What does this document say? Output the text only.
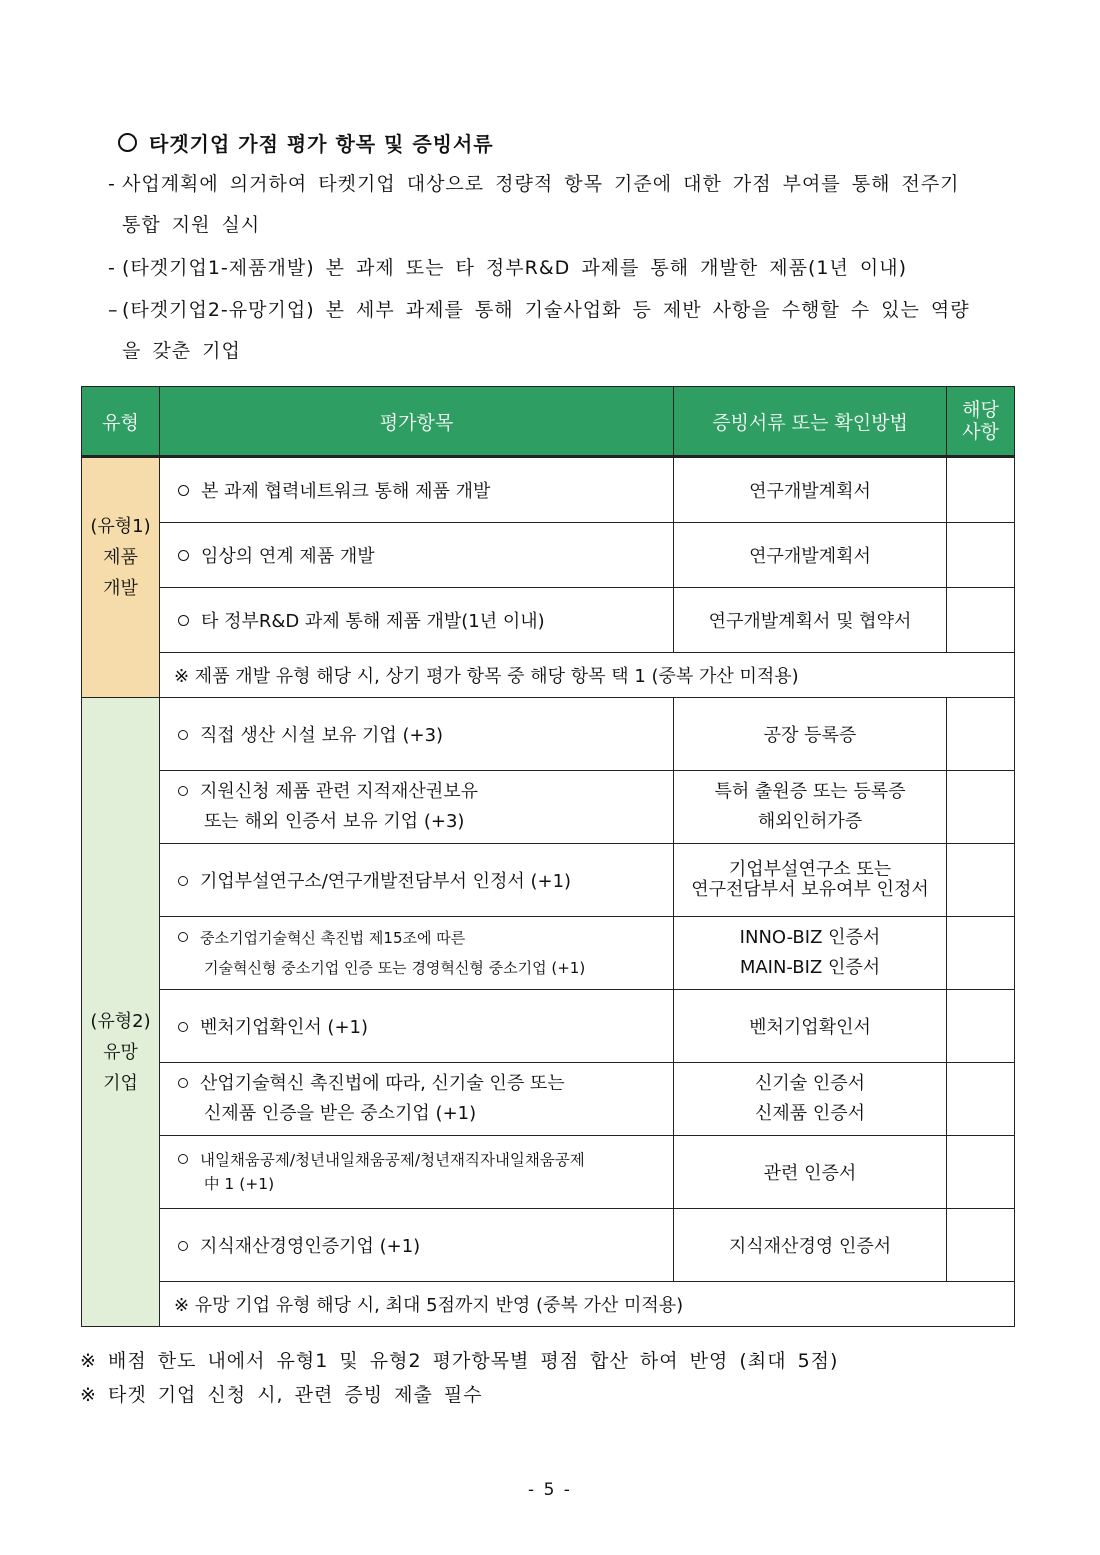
타겟기업 가점 평가 항목 및 증빙서류
- 사업계획에 의거하여 타켓기업 대상으로 정량적 항목 기준에 대한 가점 부여를 통해 전주기
통합 지원 실시
- (타겟기업1-제품개발) 본 과제 또는 타 정부R&D 과제를 통해 개발한 제품(1년 이내)
– (타겟기업2-유망기업) 본 세부 과제를 통해 기술사업화 등 제반 사항을 수행할 수 있는 역량
을 갖춘 기업
유형	평가항목	증빙서류 또는 확인방법	해당
사항
(유형1)
제품
개발	본 과제 협력네트워크 통해 제품 개발	연구개발계획서	
	임상의 연계 제품 개발	연구개발계획서	
	타 정부R&D 과제 통해 제품 개발(1년 이내)	연구개발계획서 및 협약서	
	※ 제품 개발 유형 해당 시, 상기 평가 항목 중 해당 항목 택 1 (중복 가산 미적용)		
(유형2)
유망
기업	직접 생산 시설 보유 기업 (+3)	공장 등록증	
	지원신청 제품 관련 지적재산권보유
또는 해외 인증서 보유 기업 (+3)	특허 출원증 또는 등록증
해외인허가증	
	기업부설연구소/연구개발전담부서 인정서 (+1)	기업부설연구소 또는
연구전담부서 보유여부 인정서	
	중소기업기술혁신 촉진법 제15조에 따른
기술혁신형 중소기업 인증 또는 경영혁신형 중소기업 (+1)	INNO-BIZ 인증서
MAIN-BIZ 인증서	
	벤처기업확인서 (+1)	벤처기업확인서	
	산업기술혁신 촉진법에 따라, 신기술 인증 또는
신제품 인증을 받은 중소기업 (+1)	신기술 인증서
신제품 인증서	
	내일채움공제/청년내일채움공제/청년재직자내일채움공제
中 1 (+1)	관련 인증서	
	지식재산경영인증기업 (+1)	지식재산경영 인증서	
	※ 유망 기업 유형 해당 시, 최대 5점까지 반영 (중복 가산 미적용)		
※ 배점 한도 내에서 유형1 및 유형2 평가항목별 평점 합산 하여 반영 (최대 5점)
※ 타겟 기업 신청 시, 관련 증빙 제출 필수
- 5 -
